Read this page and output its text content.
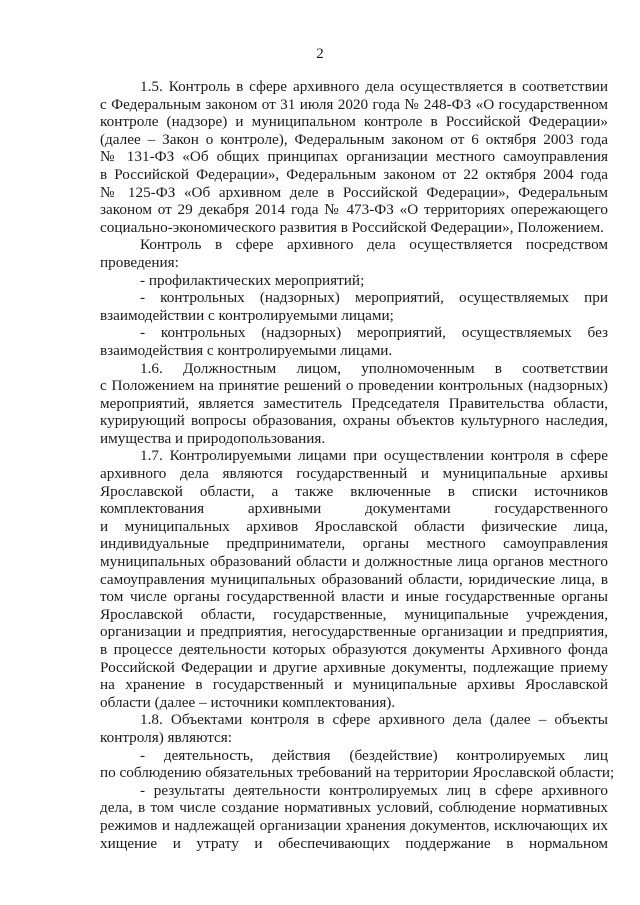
2
1.5. Контроль в сфере архивного дела осуществляется в соответствии
с Федеральным законом от 31 июля 2020 года № 248-ФЗ «О государственном
контроле (надзоре) и муниципальном контроле в Российской Федерации»
(далее – Закон о контроле), Федеральным законом от 6 октября 2003 года
№ 131-ФЗ «Об общих принципах организации местного самоуправления
в Российской Федерации», Федеральным законом от 22 октября 2004 года
№ 125-ФЗ «Об архивном деле в Российской Федерации», Федеральным
законом от 29 декабря 2014 года № 473-ФЗ «О территориях опережающего
социально-экономического развития в Российской Федерации», Положением.
Контроль в сфере архивного дела осуществляется посредством
проведения:
- профилактических мероприятий;
- контрольных (надзорных) мероприятий, осуществляемых при
взаимодействии с контролируемыми лицами;
- контрольных (надзорных) мероприятий, осуществляемых без
взаимодействия с контролируемыми лицами.
1.6. Должностным лицом, уполномоченным в соответствии
с Положением на принятие решений о проведении контрольных (надзорных)
мероприятий, является заместитель Председателя Правительства области,
курирующий вопросы образования, охраны объектов культурного наследия,
имущества и природопользования.
1.7. Контролируемыми лицами при осуществлении контроля в сфере
архивного дела являются государственный и муниципальные архивы
Ярославской области, а также включенные в списки источников
комплектования архивными документами государственного
и муниципальных архивов Ярославской области физические лица,
индивидуальные предприниматели, органы местного самоуправления
муниципальных образований области и должностные лица органов местного
самоуправления муниципальных образований области, юридические лица, в
том числе органы государственной власти и иные государственные органы
Ярославской области, государственные, муниципальные учреждения,
организации и предприятия, негосударственные организации и предприятия,
в процессе деятельности которых образуются документы Архивного фонда
Российской Федерации и другие архивные документы, подлежащие приему
на хранение в государственный и муниципальные архивы Ярославской
области (далее – источники комплектования).
1.8. Объектами контроля в сфере архивного дела (далее – объекты
контроля) являются:
- деятельность, действия (бездействие) контролируемых лиц
по соблюдению обязательных требований на территории Ярославской области;
- результаты деятельности контролируемых лиц в сфере архивного
дела, в том числе создание нормативных условий, соблюдение нормативных
режимов и надлежащей организации хранения документов, исключающих их
хищение и утрату и обеспечивающих поддержание в нормальном
